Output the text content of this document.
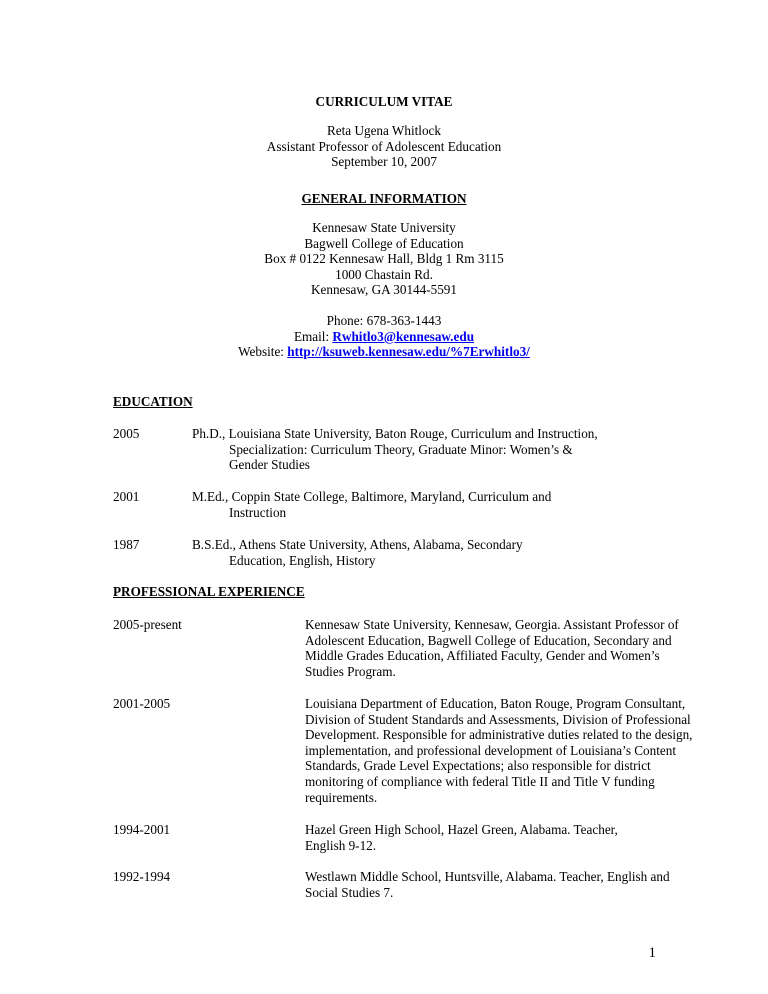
CURRICULUM VITAE
Reta Ugena Whitlock
Assistant Professor of Adolescent Education
September 10, 2007
GENERAL INFORMATION
Kennesaw State University
Bagwell College of Education
Box # 0122 Kennesaw Hall, Bldg 1 Rm 3115
1000 Chastain Rd.
Kennesaw, GA 30144-5591
Phone: 678-363-1443
Email: Rwhitlo3@kennesaw.edu
Website: http://ksuweb.kennesaw.edu/%7Erwhitlo3/
EDUCATION
2005	Ph.D., Louisiana State University, Baton Rouge, Curriculum and Instruction,
Specialization: Curriculum Theory, Graduate Minor: Women’s &
Gender Studies
2001	M.Ed., Coppin State College, Baltimore, Maryland, Curriculum and
Instruction
1987	B.S.Ed., Athens State University, Athens, Alabama, Secondary
Education, English, History
PROFESSIONAL EXPERIENCE
2005-present	Kennesaw State University, Kennesaw, Georgia. Assistant Professor of
Adolescent Education, Bagwell College of Education, Secondary and
Middle Grades Education, Affiliated Faculty, Gender and Women’s
Studies Program.
2001-2005	Louisiana Department of Education, Baton Rouge, Program Consultant,
Division of Student Standards and Assessments, Division of Professional
Development. Responsible for administrative duties related to the design,
implementation, and professional development of Louisiana’s Content
Standards, Grade Level Expectations; also responsible for district
monitoring of compliance with federal Title II and Title V funding
requirements.
1994-2001	Hazel Green High School, Hazel Green, Alabama. Teacher,
English 9-12.
1992-1994	Westlawn Middle School, Huntsville, Alabama. Teacher, English and
Social Studies 7.
1
